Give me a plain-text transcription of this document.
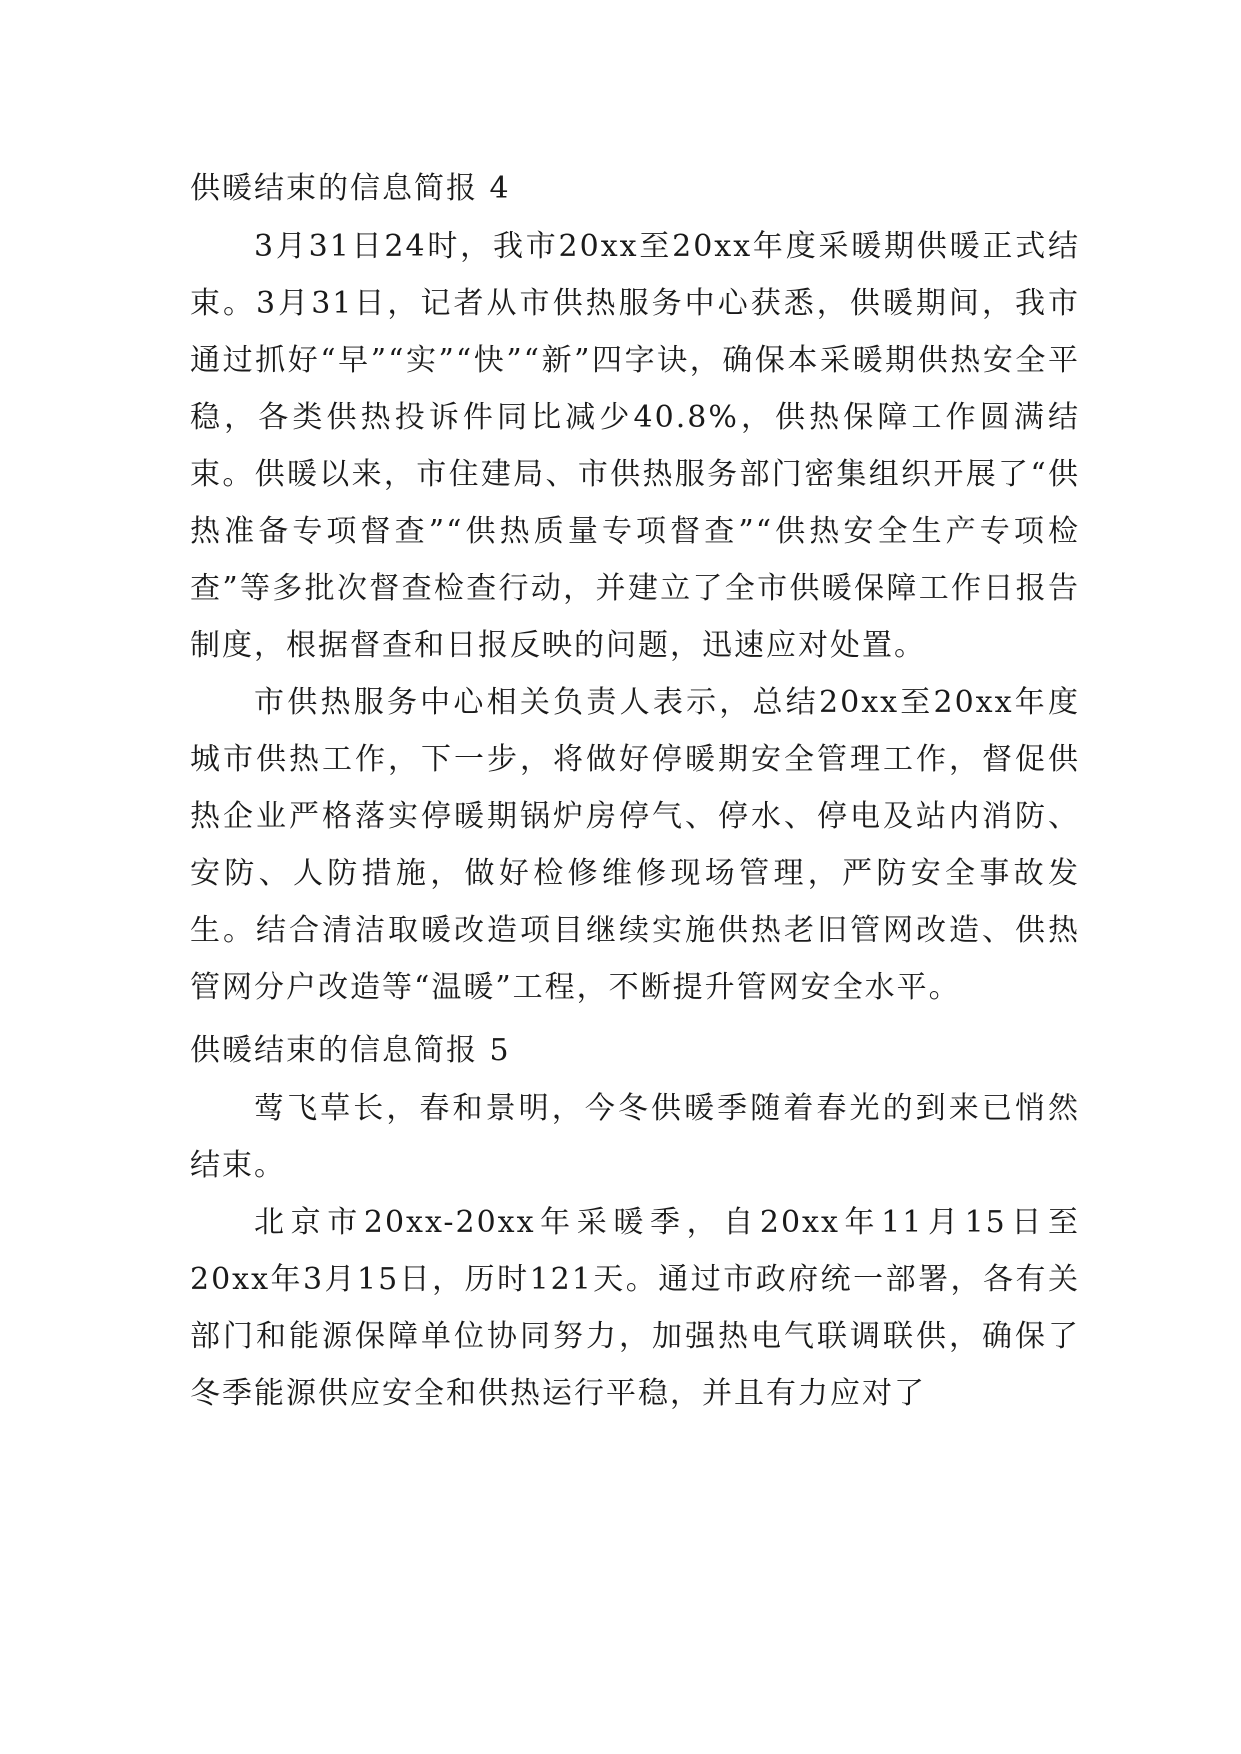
供暖结束的信息简报 4

3月31日24时，我市20xx至20xx年度采暖期供暖正式结束。3月31日，记者从市供热服务中心获悉，供暖期间，我市通过抓好“早”“实”“快”“新”四字诀，确保本采暖期供热安全平稳，各类供热投诉件同比减少40.8%，供热保障工作圆满结束。供暖以来，市住建局、市供热服务部门密集组织开展了“供热准备专项督查”“供热质量专项督查”“供热安全生产专项检查”等多批次督查检查行动，并建立了全市供暖保障工作日报告制度，根据督查和日报反映的问题，迅速应对处置。

市供热服务中心相关负责人表示，总结20xx至20xx年度城市供热工作，下一步，将做好停暖期安全管理工作，督促供热企业严格落实停暖期锅炉房停气、停水、停电及站内消防、安防、人防措施，做好检修维修现场管理，严防安全事故发生。结合清洁取暖改造项目继续实施供热老旧管网改造、供热管网分户改造等“温暖”工程，不断提升管网安全水平。

供暖结束的信息简报 5

莺飞草长，春和景明，今冬供暖季随着春光的到来已悄然结束。

北京市20xx-20xx年采暖季，自20xx年11月15日至20xx年3月15日，历时121天。通过市政府统一部署，各有关部门和能源保障单位协同努力，加强热电气联调联供，确保了冬季能源供应安全和供热运行平稳，并且有力应对了
